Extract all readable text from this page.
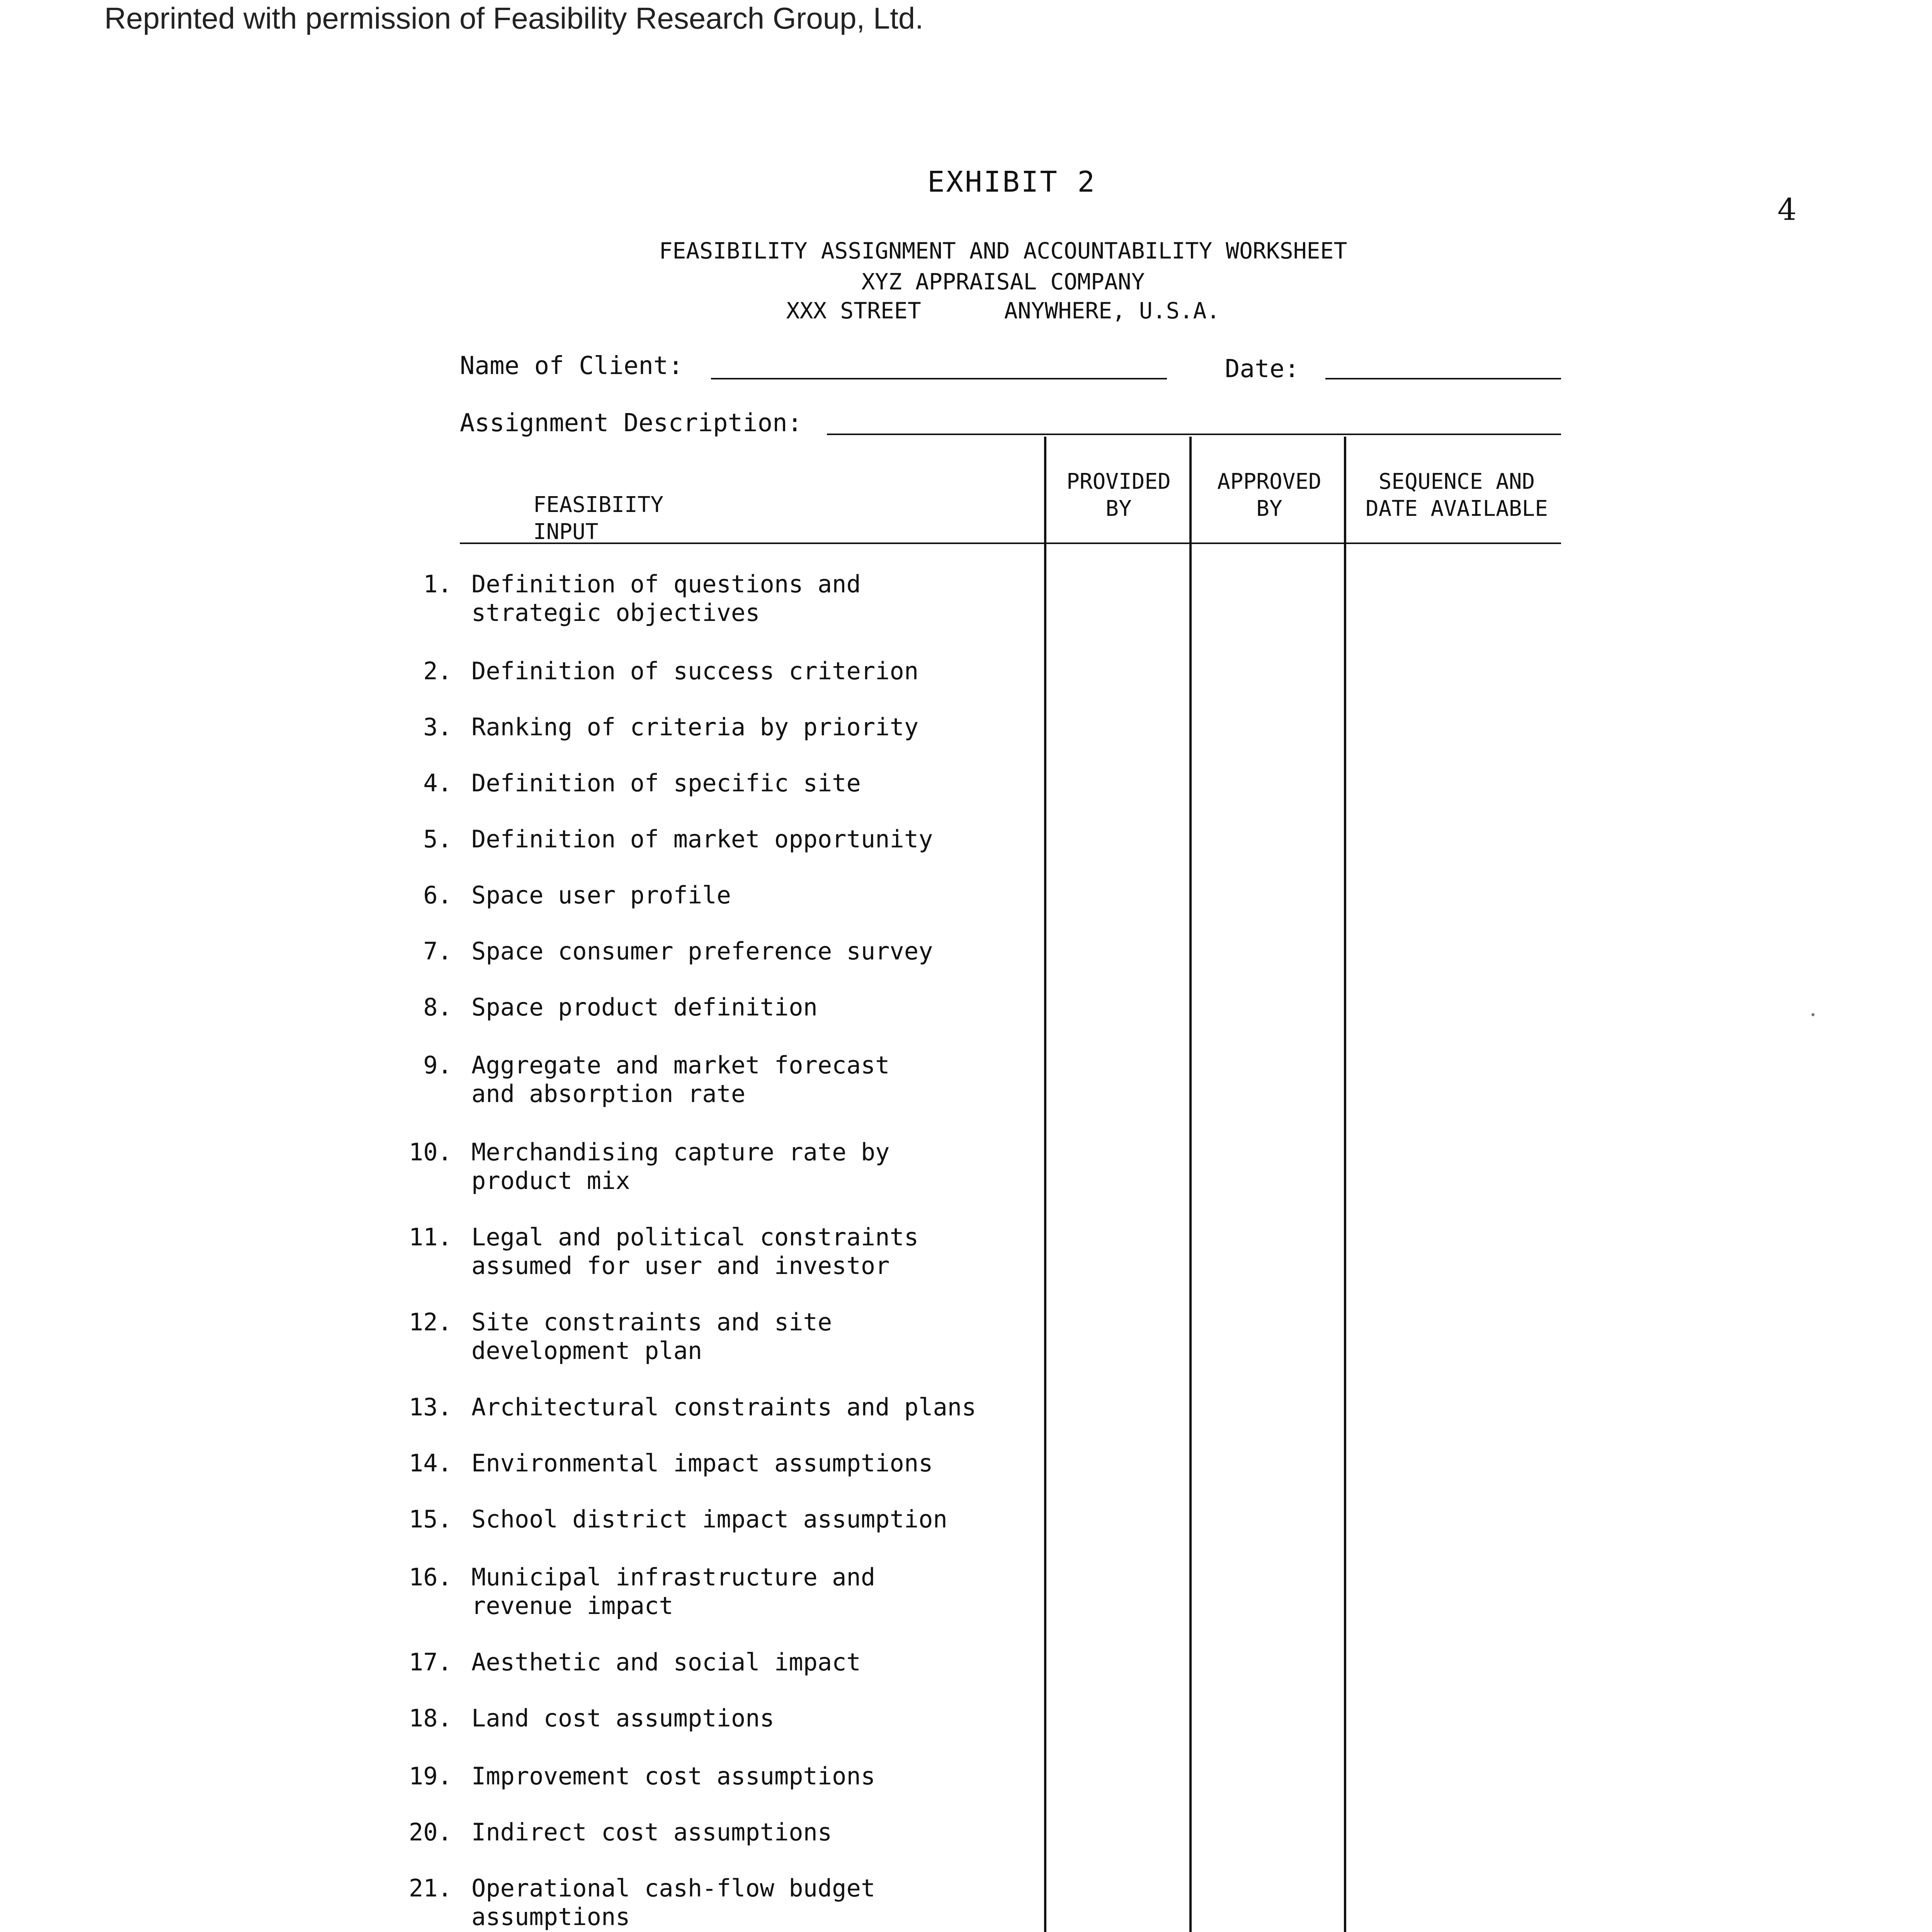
Reprinted with permission of Feasibility Research Group, Ltd.
4
EXHIBIT 2
FEASIBILITY ASSIGNMENT AND ACCOUNTABILITY WORKSHEET
XYZ APPRAISAL COMPANY
XXX STREET	ANYWHERE, U.S.A.
Name of Client:	Date:
Assignment Description:
FEASIBIITY INPUT
PROVIDED
BY
APPROVED
BY
SEQUENCE AND
DATE AVAILABLE
1. Definition of questions and
strategic objectives
2. Definition of success criterion
3. Ranking of criteria by priority
4. Definition of specific site
5. Definition of market opportunity
6. Space user profile
7. Space consumer preference survey
8. Space product definition
9. Aggregate and market forecast
and absorption rate
10. Merchandising capture rate by
product mix
11. Legal and political constraints
assumed for user and investor
12. Site constraints and site
development plan
13. Architectural constraints and plans
14. Environmental impact assumptions
15. School district impact assumption
16. Municipal infrastructure and
revenue impact
17. Aesthetic and social impact
18. Land cost assumptions
19. Improvement cost assumptions
20. Indirect cost assumptions
21. Operational cash-flow budget
assumptions
